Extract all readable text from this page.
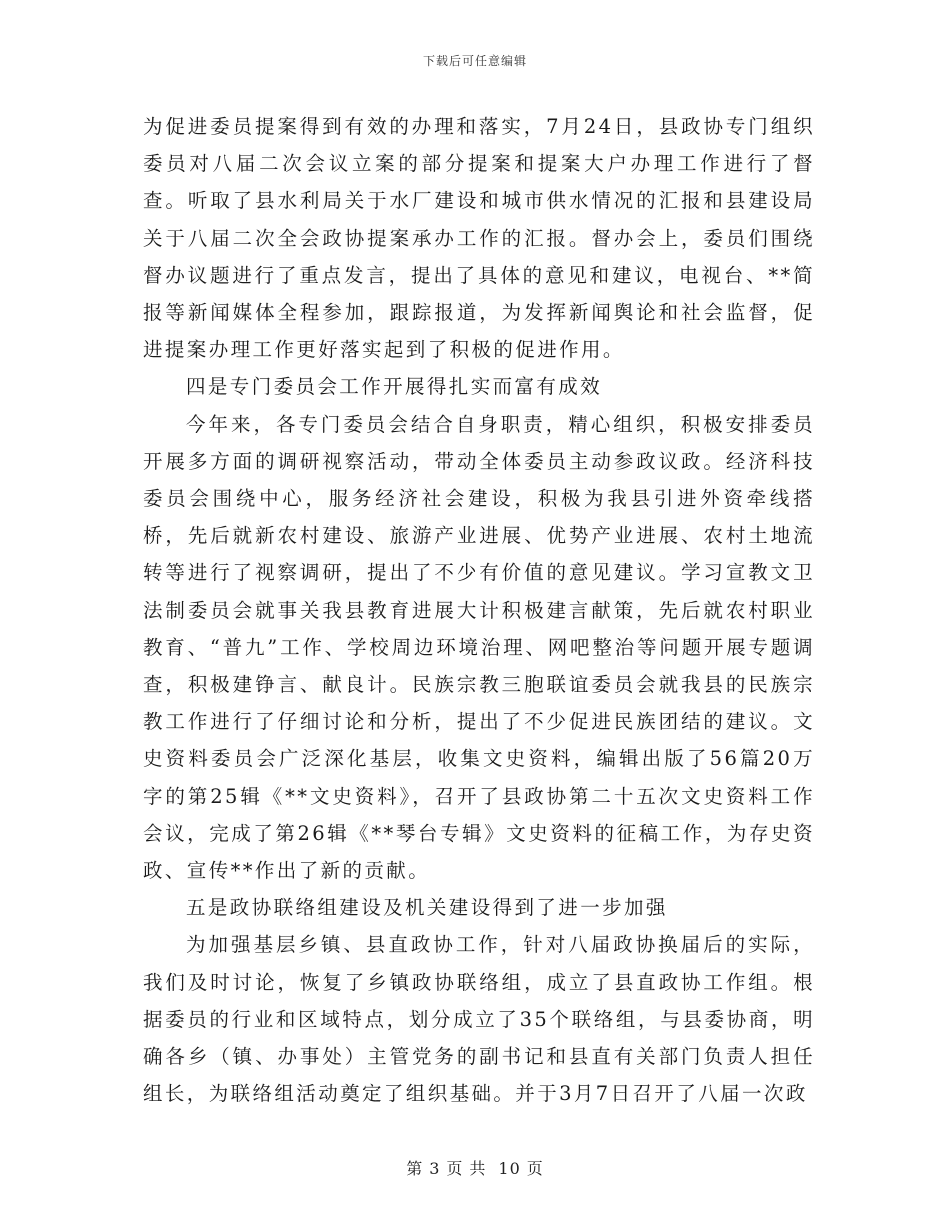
下载后可任意编辑

为促进委员提案得到有效的办理和落实，7月24日，县政协专门组织委员对八届二次会议立案的部分提案和提案大户办理工作进行了督查。听取了县水利局关于水厂建设和城市供水情况的汇报和县建设局关于八届二次全会政协提案承办工作的汇报。督办会上，委员们围绕督办议题进行了重点发言，提出了具体的意见和建议，电视台、**简报等新闻媒体全程参加，跟踪报道，为发挥新闻舆论和社会监督，促进提案办理工作更好落实起到了积极的促进作用。

四是专门委员会工作开展得扎实而富有成效

今年来，各专门委员会结合自身职责，精心组织，积极安排委员开展多方面的调研视察活动，带动全体委员主动参政议政。经济科技委员会围绕中心，服务经济社会建设，积极为我县引进外资牵线搭桥，先后就新农村建设、旅游产业进展、优势产业进展、农村土地流转等进行了视察调研，提出了不少有价值的意见建议。学习宣教文卫法制委员会就事关我县教育进展大计积极建言献策，先后就农村职业教育、“普九”工作、学校周边环境治理、网吧整治等问题开展专题调查，积极建铮言、献良计。民族宗教三胞联谊委员会就我县的民族宗教工作进行了仔细讨论和分析，提出了不少促进民族团结的建议。文史资料委员会广泛深化基层，收集文史资料，编辑出版了56篇20万字的第25辑《**文史资料》，召开了县政协第二十五次文史资料工作会议，完成了第26辑《**琴台专辑》文史资料的征稿工作，为存史资政、宣传**作出了新的贡献。

五是政协联络组建设及机关建设得到了进一步加强

为加强基层乡镇、县直政协工作，针对八届政协换届后的实际，我们及时讨论，恢复了乡镇政协联络组，成立了县直政协工作组。根据委员的行业和区域特点，划分成立了35个联络组，与县委协商，明确各乡（镇、办事处）主管党务的副书记和县直有关部门负责人担任组长，为联络组活动奠定了组织基础。并于3月7日召开了八届一次政

第 3 页 共 10 页
